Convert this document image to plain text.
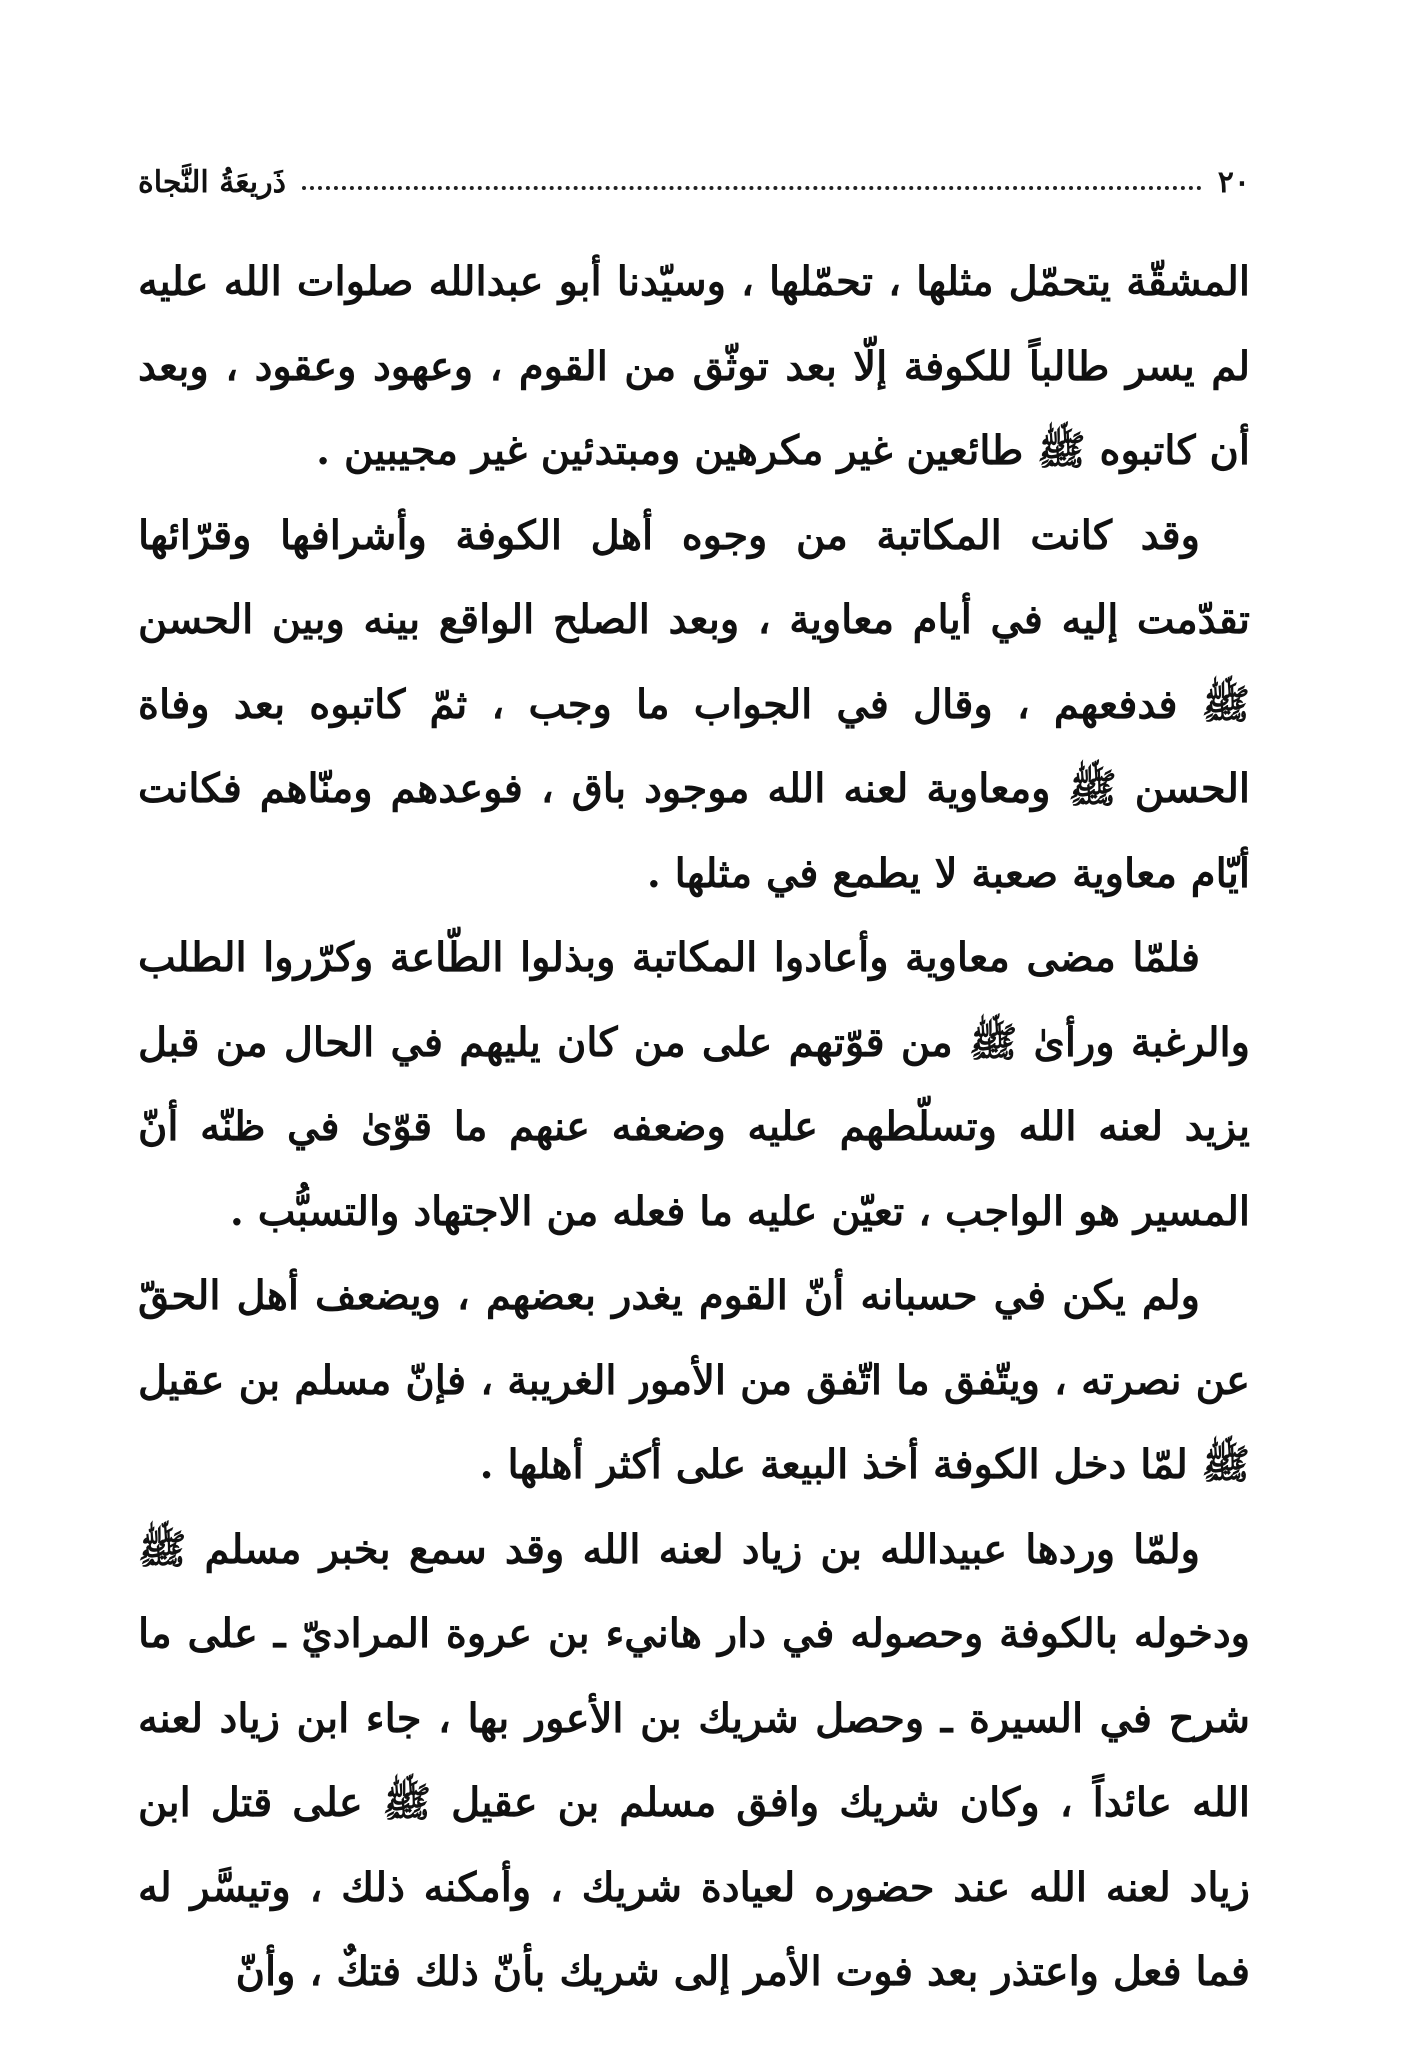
٢٠
ذَريعَةُ النَّجاة

المشقّة يتحمّل مثلها ، تحمّلها ، وسيّدنا أبو عبدالله صلوات الله عليه لم يسر طالباً للكوفة إلّا بعد توثّق من القوم ، وعهود وعقود ، وبعد أن كاتبوه ﷺ طائعين غير مكرهين ومبتدئين غير مجيبين .

وقد كانت المكاتبة من وجوه أهل الكوفة وأشرافها وقرّائها تقدّمت إليه في أيام معاوية ، وبعد الصلح الواقع بينه وبين الحسن ﷺ فدفعهم ، وقال في الجواب ما وجب ، ثمّ كاتبوه بعد وفاة الحسن ﷺ ومعاوية لعنه الله موجود باق ، فوعدهم ومنّاهم فكانت أيّام معاوية صعبة لا يطمع في مثلها .

فلمّا مضى معاوية وأعادوا المكاتبة وبذلوا الطّاعة وكرّروا الطلب والرغبة ورأىٰ ﷺ من قوّتهم على من كان يليهم في الحال من قبل يزيد لعنه الله وتسلّطهم عليه وضعفه عنهم ما قوّىٰ في ظنّه أنّ المسير هو الواجب ، تعيّن عليه ما فعله من الاجتهاد والتسبُّب .

ولم يكن في حسبانه أنّ القوم يغدر بعضهم ، ويضعف أهل الحقّ عن نصرته ، ويتّفق ما اتّفق من الأمور الغريبة ، فإنّ مسلم بن عقيل ﷺ لمّا دخل الكوفة أخذ البيعة على أكثر أهلها .

ولمّا وردها عبيدالله بن زياد لعنه الله وقد سمع بخبر مسلم ﷺ ودخوله بالكوفة وحصوله في دار هانيء بن عروة المراديّ ـ على ما شرح في السيرة ـ وحصل شريك بن الأعور بها ، جاء ابن زياد لعنه الله عائداً ، وكان شريك وافق مسلم بن عقيل ﷺ على قتل ابن زياد لعنه الله عند حضوره لعيادة شريك ، وأمكنه ذلك ، وتيسَّر له فما فعل واعتذر بعد فوت الأمر إلى شريك بأنّ ذلك فتكٌ ، وأنّ
